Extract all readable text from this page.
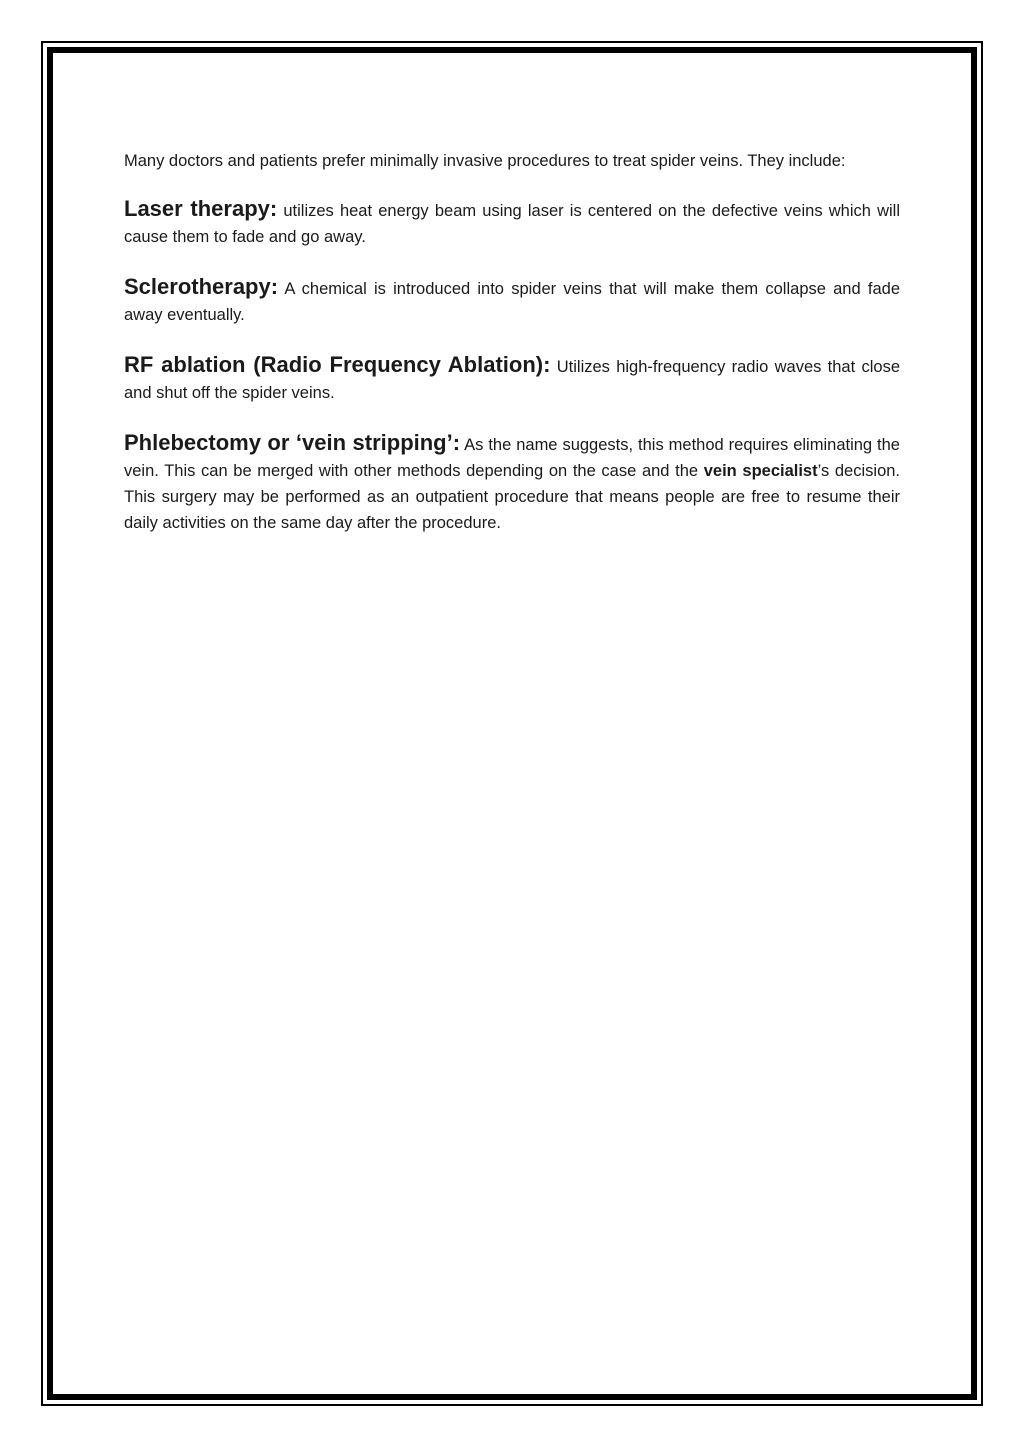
Many doctors and patients prefer minimally invasive procedures to treat spider veins. They include:

Laser therapy: utilizes heat energy beam using laser is centered on the defective veins which will cause them to fade and go away.

Sclerotherapy: A chemical is introduced into spider veins that will make them collapse and fade away eventually.

RF ablation (Radio Frequency Ablation): Utilizes high-frequency radio waves that close and shut off the spider veins.

Phlebectomy or ‘vein stripping’: As the name suggests, this method requires eliminating the vein. This can be merged with other methods depending on the case and the vein specialist’s decision. This surgery may be performed as an outpatient procedure that means people are free to resume their daily activities on the same day after the procedure.
